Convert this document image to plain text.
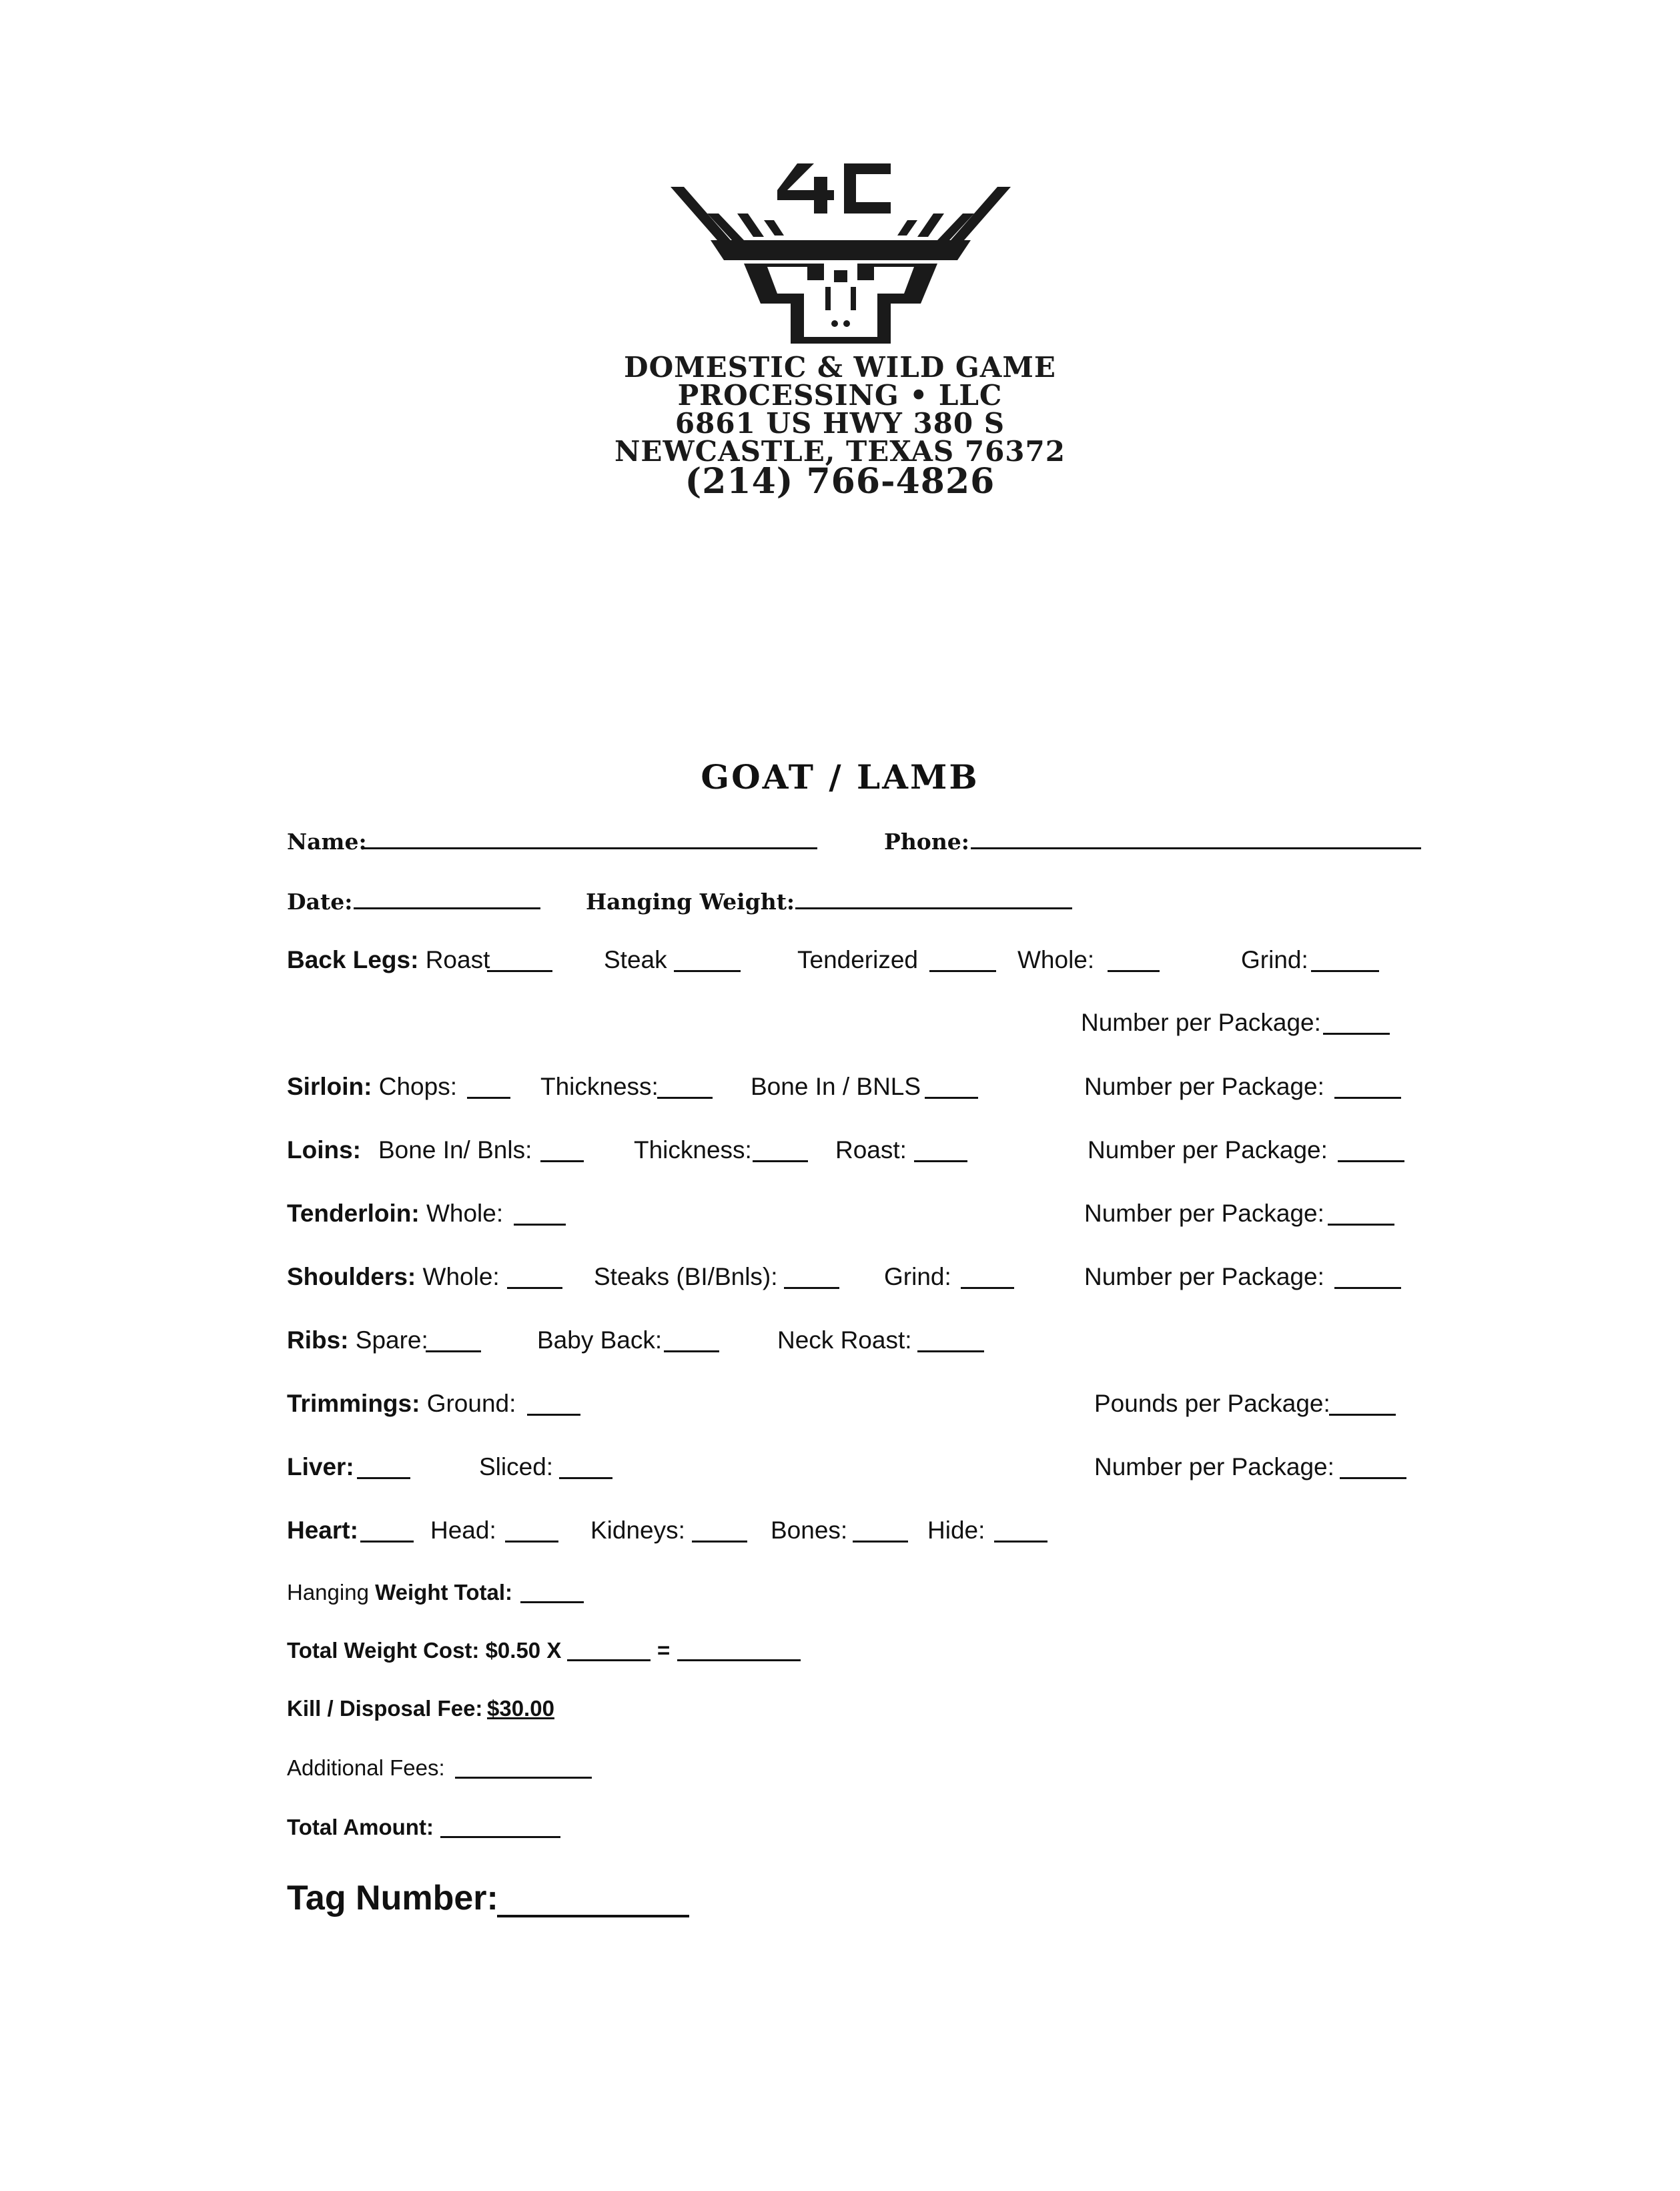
DOMESTIC & WILD GAME
PROCESSING • LLC
6861 US HWY 380 S
NEWCASTLE, TEXAS 76372
(214) 766-4826
GOAT / LAMB
Name:	Phone:
Date:	Hanging Weight:
Back Legs: Roast	Steak	Tenderized	Whole:	Grind:
Number per Package:
Sirloin: Chops:	Thickness:	Bone In / BNLS	Number per Package:
Loins: Bone In/ Bnls:	Thickness:	Roast:	Number per Package:
Tenderloin: Whole:	Number per Package:
Shoulders: Whole:	Steaks (BI/Bnls):	Grind:	Number per Package:
Ribs: Spare:	Baby Back:	Neck Roast:
Trimmings: Ground:	Pounds per Package:
Liver:	Sliced:	Number per Package:
Heart:	Head:	Kidneys:	Bones:	Hide:
Hanging Weight Total:
Total Weight Cost: $0.50 X	=
Kill / Disposal Fee: $30.00
Additional Fees:
Total Amount:
Tag Number:
